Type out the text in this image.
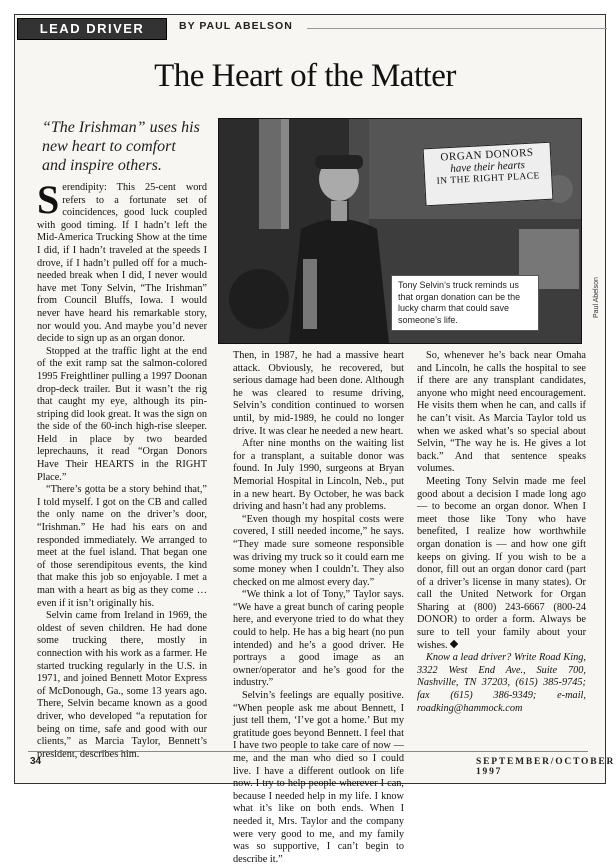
LEAD DRIVER	BY PAUL ABELSON
The Heart of the Matter
“The Irishman” uses his new heart to comfort and inspire others.
ORGAN DONORS
have their hearts
IN THE RIGHT PLACE
Tony Selvin’s truck reminds us that organ donation can be the lucky charm that could save someone’s life.
Paul Abelson

Serendipity: This 25-cent word refers to a fortunate set of coincidences, good luck coupled with good timing. If I hadn’t left the Mid-America Trucking Show at the time I did, if I hadn’t traveled at the speeds I drove, if I hadn’t pulled off for a much-needed break when I did, I never would have met Tony Selvin, “The Irishman” from Council Bluffs, Iowa. I would never have heard his remarkable story, nor would you. And maybe you’d never decide to sign up as an organ donor.

Stopped at the traffic light at the end of the exit ramp sat the salmon-colored 1995 Freightliner pulling a 1997 Doonan drop-deck trailer. But it wasn’t the rig that caught my eye, although its pin-striping did look great. It was the sign on the side of the 60-inch high-rise sleeper. Held in place by two bearded leprechauns, it read “Organ Donors Have Their HEARTS in the RIGHT Place.”

“There’s gotta be a story behind that,” I told myself. I got on the CB and called the only name on the driver’s door, “Irishman.” He had his ears on and responded immediately. We arranged to meet at the fuel island. That began one of those serendipitous events, the kind that make this job so enjoyable. I met a man with a heart as big as they come … even if it isn’t originally his.

Selvin came from Ireland in 1969, the oldest of seven children. He had done some trucking there, mostly in connection with his work as a farmer. He started trucking regularly in the U.S. in 1971, and joined Bennett Motor Express of McDonough, Ga., some 13 years ago. There, Selvin became known as a good driver, who developed “a reputation for being on time, safe and good with our clients,” as Marcia Taylor, Bennett’s president, describes him.

Then, in 1987, he had a massive heart attack. Obviously, he recovered, but serious damage had been done. Although he was cleared to resume driving, Selvin’s condition continued to worsen until, by mid-1989, he could no longer drive. It was clear he needed a new heart.

After nine months on the waiting list for a transplant, a suitable donor was found. In July 1990, surgeons at Bryan Memorial Hospital in Lincoln, Neb., put in a new heart. By October, he was back driving and hasn’t had any problems.

“Even though my hospital costs were covered, I still needed income,” he says. “They made sure someone responsible was driving my truck so it could earn me some money when I couldn’t. They also checked on me almost every day.”

“We think a lot of Tony,” Taylor says. “We have a great bunch of caring people here, and everyone tried to do what they could to help. He has a big heart (no pun intended) and he’s a good driver. He portrays a good image as an owner/operator and he’s good for the industry.”

Selvin’s feelings are equally positive. “When people ask me about Bennett, I just tell them, ‘I’ve got a home.’ But my gratitude goes beyond Bennett. I feel that I have two people to take care of now — me, and the man who died so I could live. I have a different outlook on life now. I try to help people wherever I can, because I needed help in my life. I know what it’s like on both ends. When I needed it, Mrs. Taylor and the company were very good to me, and my family was so supportive, I can’t begin to describe it.”

So, whenever he’s back near Omaha and Lincoln, he calls the hospital to see if there are any transplant candidates, anyone who might need encouragement. He visits them when he can, and calls if he can’t visit. As Marcia Taylor told us when we asked what’s so special about Selvin, “The way he is. He gives a lot back.” And that sentence speaks volumes.

Meeting Tony Selvin made me feel good about a decision I made long ago — to become an organ donor. When I meet those like Tony who have benefited, I realize how worthwhile organ donation is — and how one gift keeps on giving. If you wish to be a donor, fill out an organ donor card (part of a driver’s license in many states). Or call the United Network for Organ Sharing at (800) 243-6667 (800-24 DONOR) to order a form. Always be sure to tell your family about your wishes.

Know a lead driver? Write Road King, 3322 West End Ave., Suite 700, Nashville, TN 37203, (615) 385-9745; fax (615) 386-9349; e-mail, roadking@hammock.com

34	SEPTEMBER/OCTOBER 1997
